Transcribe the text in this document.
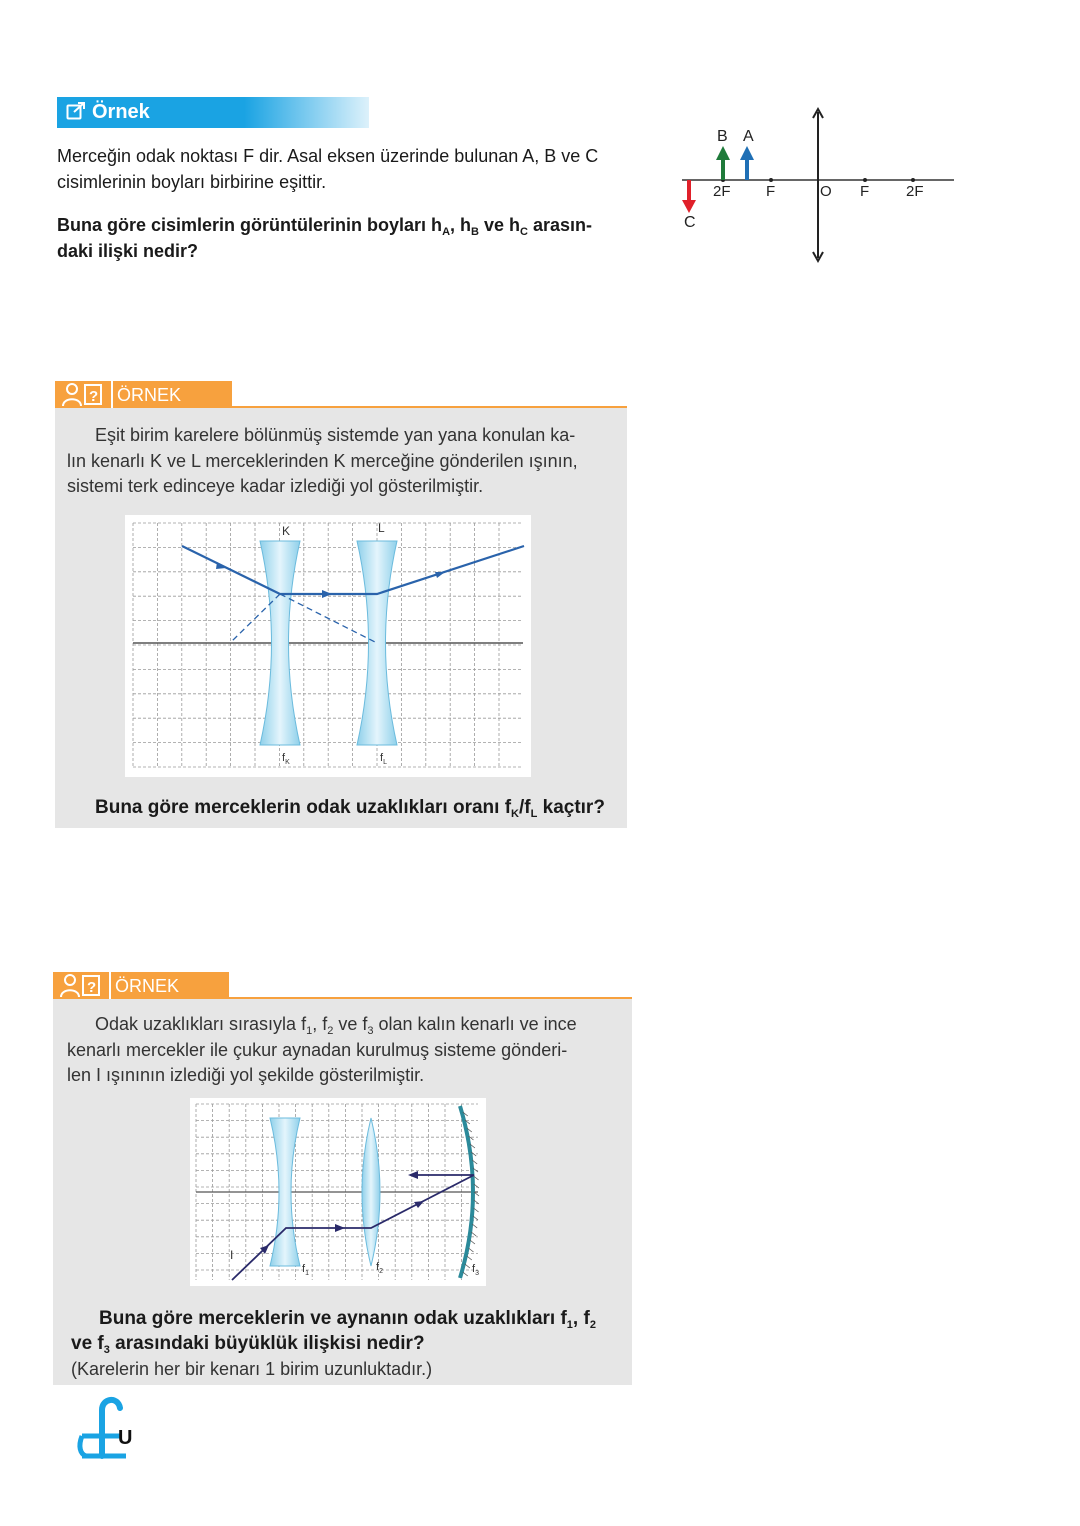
Örnek
Merceğin odak noktası F dir. Asal eksen üzerinde bulunan A, B ve C
cisimlerinin boyları birbirine eşittir.
Buna göre cisimlerin görüntülerinin boyları $h_A$, $h_B$ ve $h_C$ arasın-
daki ilişki nedir?
B A
C
2F F	O F 2F
? ÖRNEK
Eşit birim karelere bölünmüş sistemde yan yana konulan ka-
lın kenarlı K ve L merceklerinden K merceğine gönderilen ışının,
sistemi terk edinceye kadar izlediği yol gösterilmiştir.
K	L
$f_K$	$f_L$
Buna göre merceklerin odak uzaklıkları oranı $f_K/f_L$ kaçtır?
? ÖRNEK
Odak uzaklıkları sırasıyla $f_1$, $f_2$ ve $f_3$ olan kalın kenarlı ve ince
kenarlı mercekler ile çukur aynadan kurulmuş sisteme gönderi-
len I ışınının izlediği yol şekilde gösterilmiştir.
I
$f_1$
$f_2$	$f_3$
Buna göre merceklerin ve aynanın odak uzaklıkları $f_1$, $f_2$
ve $f_3$ arasındaki büyüklük ilişkisi nedir?
(Karelerin her bir kenarı 1 birim uzunluktadır.)
U
